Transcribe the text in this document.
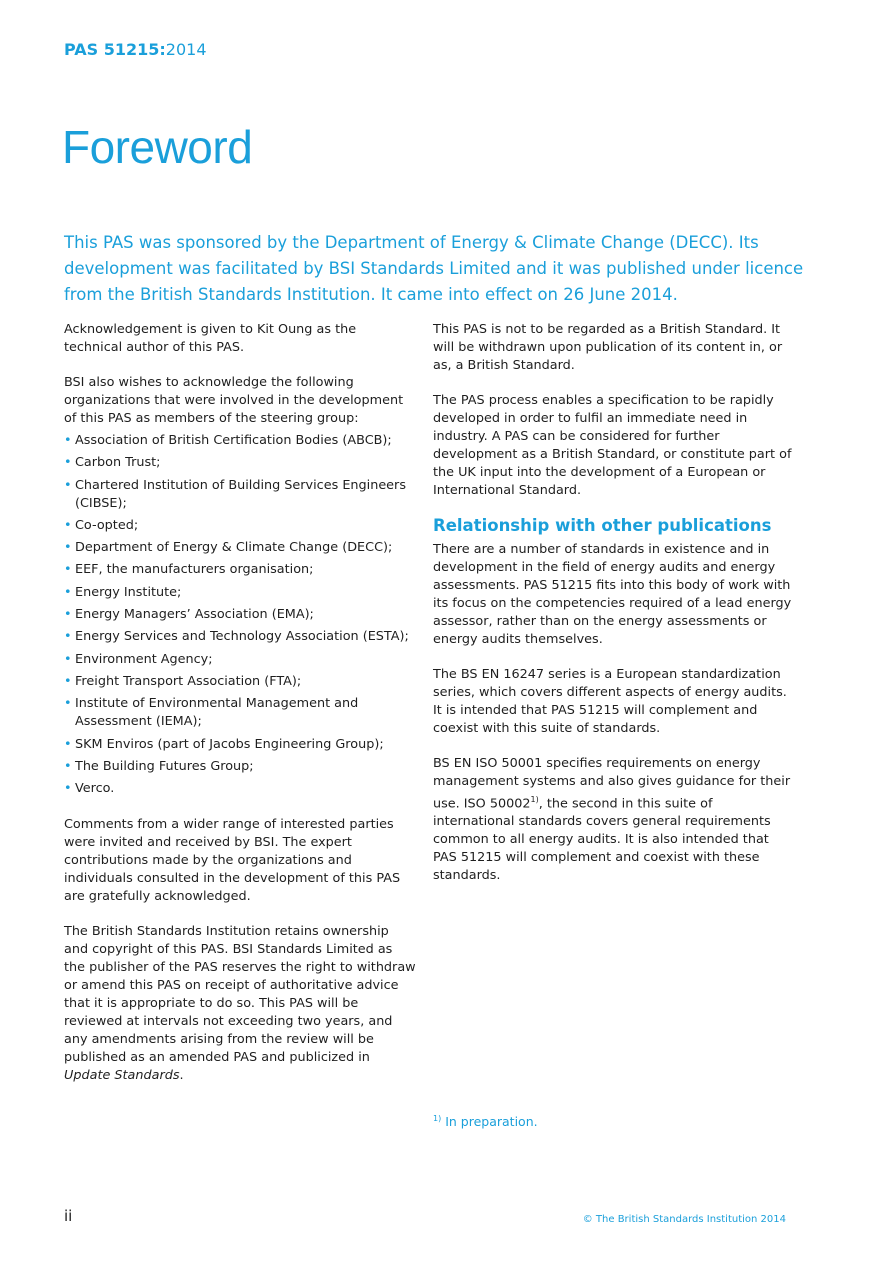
PAS 51215:2014
Foreword

This PAS was sponsored by the Department of Energy & Climate Change (DECC). Its development was facilitated by BSI Standards Limited and it was published under licence from the British Standards Institution. It came into effect on 26 June 2014.

Acknowledgement is given to Kit Oung as the technical author of this PAS.

BSI also wishes to acknowledge the following organizations that were involved in the development of this PAS as members of the steering group:

• Association of British Certification Bodies (ABCB);
• Carbon Trust;
• Chartered Institution of Building Services Engineers (CIBSE);
• Co-opted;
• Department of Energy & Climate Change (DECC);
• EEF, the manufacturers organisation;
• Energy Institute;
• Energy Managers’ Association (EMA);
• Energy Services and Technology Association (ESTA);
• Environment Agency;
• Freight Transport Association (FTA);
• Institute of Environmental Management and Assessment (IEMA);
• SKM Enviros (part of Jacobs Engineering Group);
• The Building Futures Group;
• Verco.

Comments from a wider range of interested parties were invited and received by BSI. The expert contributions made by the organizations and individuals consulted in the development of this PAS are gratefully acknowledged.

The British Standards Institution retains ownership and copyright of this PAS. BSI Standards Limited as the publisher of the PAS reserves the right to withdraw or amend this PAS on receipt of authoritative advice that it is appropriate to do so. This PAS will be reviewed at intervals not exceeding two years, and any amendments arising from the review will be published as an amended PAS and publicized in Update Standards.

This PAS is not to be regarded as a British Standard. It will be withdrawn upon publication of its content in, or as, a British Standard.

The PAS process enables a specification to be rapidly developed in order to fulfil an immediate need in industry. A PAS can be considered for further development as a British Standard, or constitute part of the UK input into the development of a European or International Standard.

Relationship with other publications

There are a number of standards in existence and in development in the field of energy audits and energy assessments. PAS 51215 fits into this body of work with its focus on the competencies required of a lead energy assessor, rather than on the energy assessments or energy audits themselves.

The BS EN 16247 series is a European standardization series, which covers different aspects of energy audits. It is intended that PAS 51215 will complement and coexist with this suite of standards.

BS EN ISO 50001 specifies requirements on energy management systems and also gives guidance for their use. ISO 50002$^{1)}$, the second in this suite of international standards covers general requirements common to all energy audits. It is also intended that PAS 51215 will complement and coexist with these standards.

$^{1)}$ In preparation.
ii	© The British Standards Institution 2014
